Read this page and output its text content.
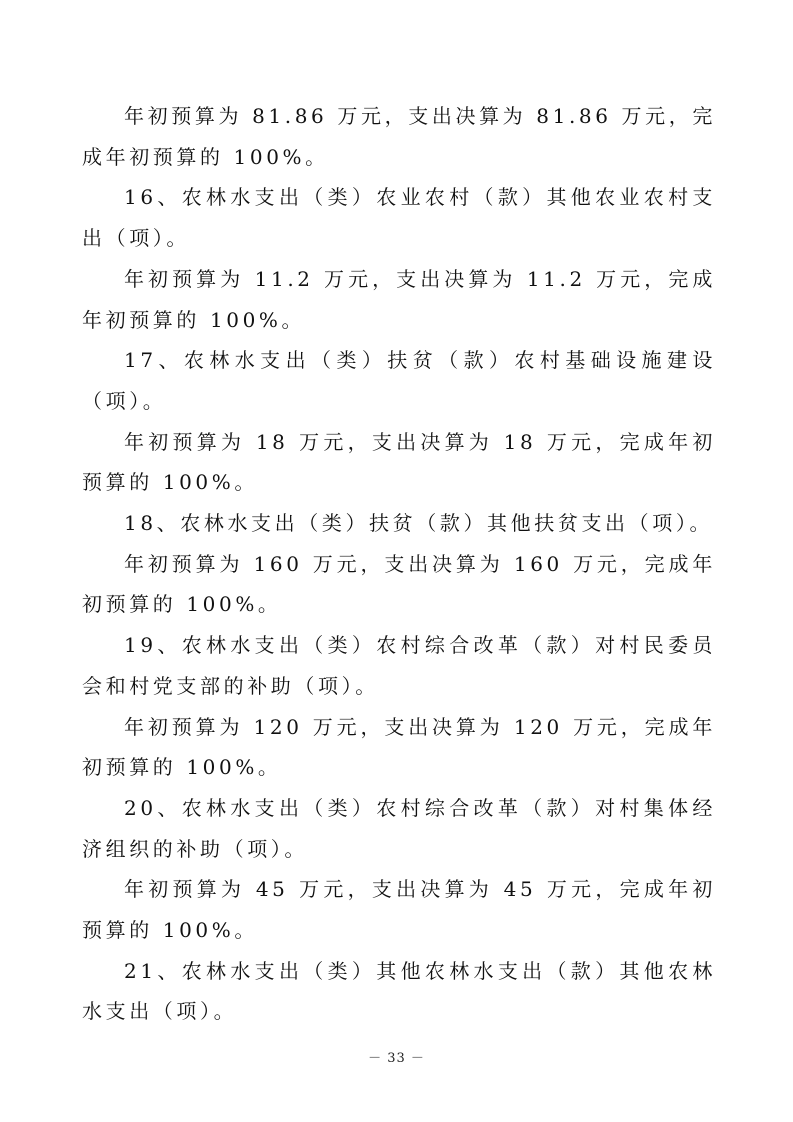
年初预算为 81.86 万元，支出决算为 81.86 万元，完成年初预算的 100%。

16、农林水支出（类）农业农村（款）其他农业农村支出（项）。

年初预算为 11.2 万元，支出决算为 11.2 万元，完成年初预算的 100%。

17、农林水支出（类）扶贫（款）农村基础设施建设（项）。

年初预算为 18 万元，支出决算为 18 万元，完成年初预算的 100%。

18、农林水支出（类）扶贫（款）其他扶贫支出（项）。

年初预算为 160 万元，支出决算为 160 万元，完成年初预算的 100%。

19、农林水支出（类）农村综合改革（款）对村民委员会和村党支部的补助（项）。

年初预算为 120 万元，支出决算为 120 万元，完成年初预算的 100%。

20、农林水支出（类）农村综合改革（款）对村集体经济组织的补助（项）。

年初预算为 45 万元，支出决算为 45 万元，完成年初预算的 100%。

21、农林水支出（类）其他农林水支出（款）其他农林水支出（项）。

－ 33 －
